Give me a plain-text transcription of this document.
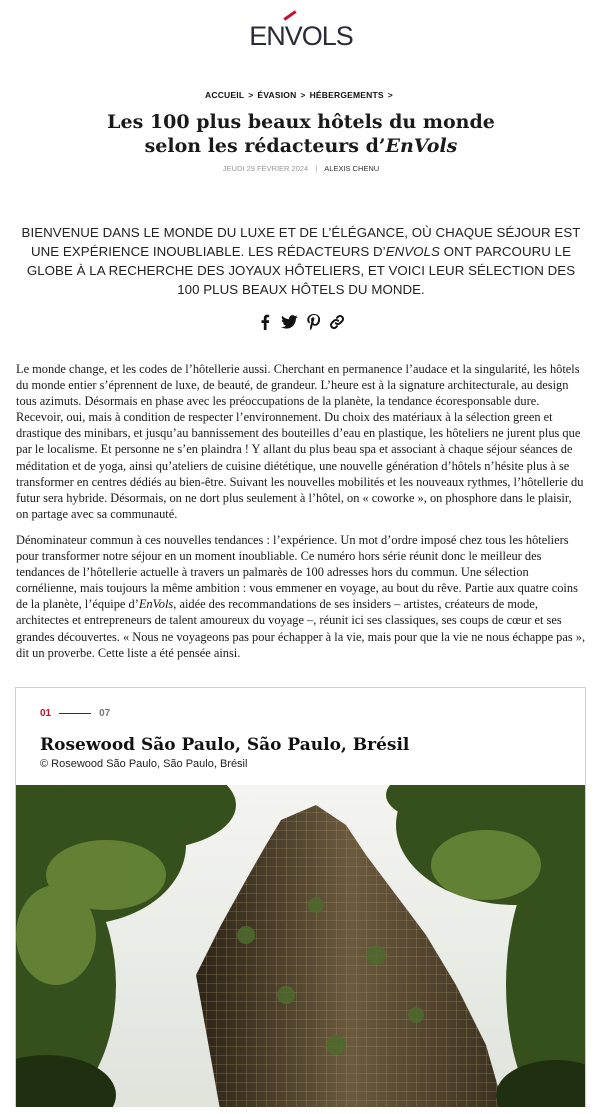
EN V OLS
ACCUEIL > ÉVASION > HÉBERGEMENTS >
Les 100 plus beaux hôtels du monde selon les rédacteurs d’EnVols
JEUDI 29 FÉVRIER 2024 | ALEXIS CHENU

BIENVENUE DANS LE MONDE DU LUXE ET DE L’ÉLÉGANCE, OÙ CHAQUE SÉJOUR EST UNE EXPÉRIENCE INOUBLIABLE. LES RÉDACTEURS D’ENVOLS ONT PARCOURU LE GLOBE À LA RECHERCHE DES JOYAUX HÔTELIERS, ET VOICI LEUR SÉLECTION DES 100 PLUS BEAUX HÔTELS DU MONDE.

Le monde change, et les codes de l’hôtellerie aussi. Cherchant en permanence l’audace et la singularité, les hôtels du monde entier s’éprennent de luxe, de beauté, de grandeur. L’heure est à la signature architecturale, au design tous azimuts. Désormais en phase avec les préoccupations de la planète, la tendance écoresponsable dure. Recevoir, oui, mais à condition de respecter l’environnement. Du choix des matériaux à la sélection green et drastique des minibars, et jusqu’au bannissement des bouteilles d’eau en plastique, les hôteliers ne jurent plus que par le localisme. Et personne ne s’en plaindra ! Y allant du plus beau spa et associant à chaque séjour séances de méditation et de yoga, ainsi qu’ateliers de cuisine diététique, une nouvelle génération d’hôtels n’hésite plus à se transformer en centres dédiés au bien-être. Suivant les nouvelles mobilités et les nouveaux rythmes, l’hôtellerie du futur sera hybride. Désormais, on ne dort plus seulement à l’hôtel, on « coworke », on phosphore dans le plaisir, on partage avec sa communauté.

Dénominateur commun à ces nouvelles tendances : l’expérience. Un mot d’ordre imposé chez tous les hôteliers pour transformer notre séjour en un moment inoubliable. Ce numéro hors série réunit donc le meilleur des tendances de l’hôtellerie actuelle à travers un palmarès de 100 adresses hors du commun. Une sélection cornélienne, mais toujours la même ambition : vous emmener en voyage, au bout du rêve. Partie aux quatre coins de la planète, l’équipe d’EnVols, aidée des recommandations de ses insiders – artistes, créateurs de mode, architectes et entrepreneurs de talent amoureux du voyage –, réunit ici ses classiques, ses coups de cœur et ses grandes découvertes. « Nous ne voyageons pas pour échapper à la vie, mais pour que la vie ne nous échappe pas », dit un proverbe. Cette liste a été pensée ainsi.

01	07
Rosewood São Paulo, São Paulo, Brésil
© Rosewood São Paulo, São Paulo, Brésil
